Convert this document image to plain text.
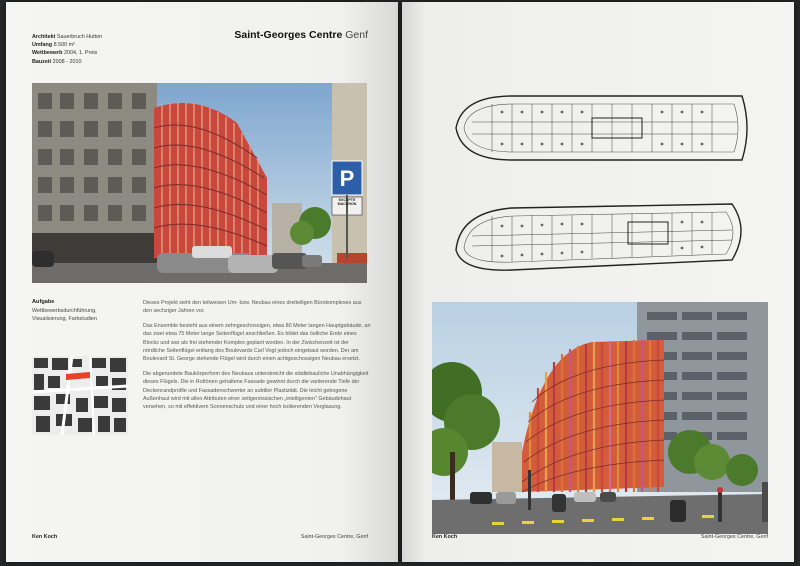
Architekt Sauerbruch Hutton
Umfang 8.500 m²
Wettbewerb 2004, 1. Preis
Bauzeit 2008 - 2010
Saint-Georges Centre Genf
P
EXCEPTE MACARON
Aufgabe
Wettbewerbsdurchführung, Visualisierung, Farbstudien

Dieses Projekt sieht den teilweisen Um- bzw. Neubau eines dreiteiligen Bürokomplexes aus den sechziger Jahren vor.

Das Ensemble besteht aus einem zehngeschossigen, etwa 80 Meter langen Hauptgebäude, an das zwei etwa 75 Meter lange Seitenflügel anschließen. Es bildet das östliche Ende eines Blocks und war als frei stehender Komplex geplant worden. In der Zwischenzeit ist der nördliche Seitenflügel entlang des Boulevards Carl Vogt jedoch eingebaut worden. Der am Boulevard St. George stehende Flügel wird durch einen achtgeschossigen Neubau ersetzt.

Die abgerundete Baukörperform des Neubaus unterstreicht die städtebauliche Unabhängigkeit dieses Flügels. Die in Rottönen gehaltene Fassade gewinnt durch die variierende Tiefe der Deckenrandprofile und Fassadenschwerter an subtiler Plastizität. Die leicht gebogene Außenhaut wird mit allen Attributen einer zeitgenössischen „intelligenten" Gebäudehaut versehen, so mit effektivem Sonnenschutz und einer hoch isolierenden Verglasung.

Ken Koch	Saint-Georges Centre, Genf	Ken Koch	Saint-Georges Centre, Genf
